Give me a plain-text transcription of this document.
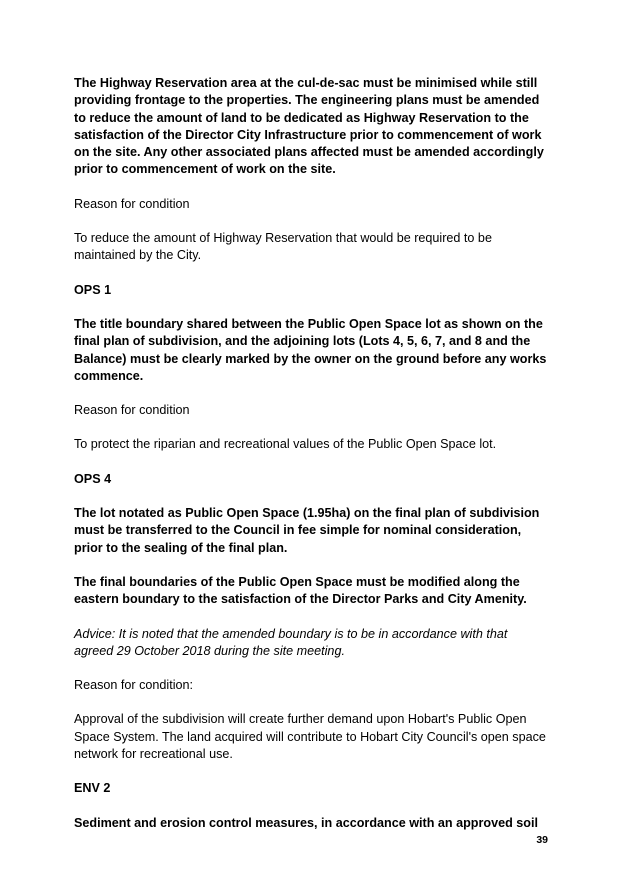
The Highway Reservation area at the cul-de-sac must be minimised while still providing frontage to the properties. The engineering plans must be amended to reduce the amount of land to be dedicated as Highway Reservation to the satisfaction of the Director City Infrastructure prior to commencement of work on the site. Any other associated plans affected must be amended accordingly prior to commencement of work on the site.

Reason for condition

To reduce the amount of Highway Reservation that would be required to be maintained by the City.

OPS 1

The title boundary shared between the Public Open Space lot as shown on the final plan of subdivision, and the adjoining lots (Lots 4, 5, 6, 7, and 8 and the Balance) must be clearly marked by the owner on the ground before any works commence.

Reason for condition

To protect the riparian and recreational values of the Public Open Space lot.

OPS 4

The lot notated as Public Open Space (1.95ha) on the final plan of subdivision must be transferred to the Council in fee simple for nominal consideration, prior to the sealing of the final plan.

The final boundaries of the Public Open Space must be modified along the eastern boundary to the satisfaction of the Director Parks and City Amenity.

Advice: It is noted that the amended boundary is to be in accordance with that agreed 29 October 2018 during the site meeting.

Reason for condition:

Approval of the subdivision will create further demand upon Hobart's Public Open Space System. The land acquired will contribute to Hobart City Council's open space network for recreational use.

ENV 2

Sediment and erosion control measures, in accordance with an approved soil

39
